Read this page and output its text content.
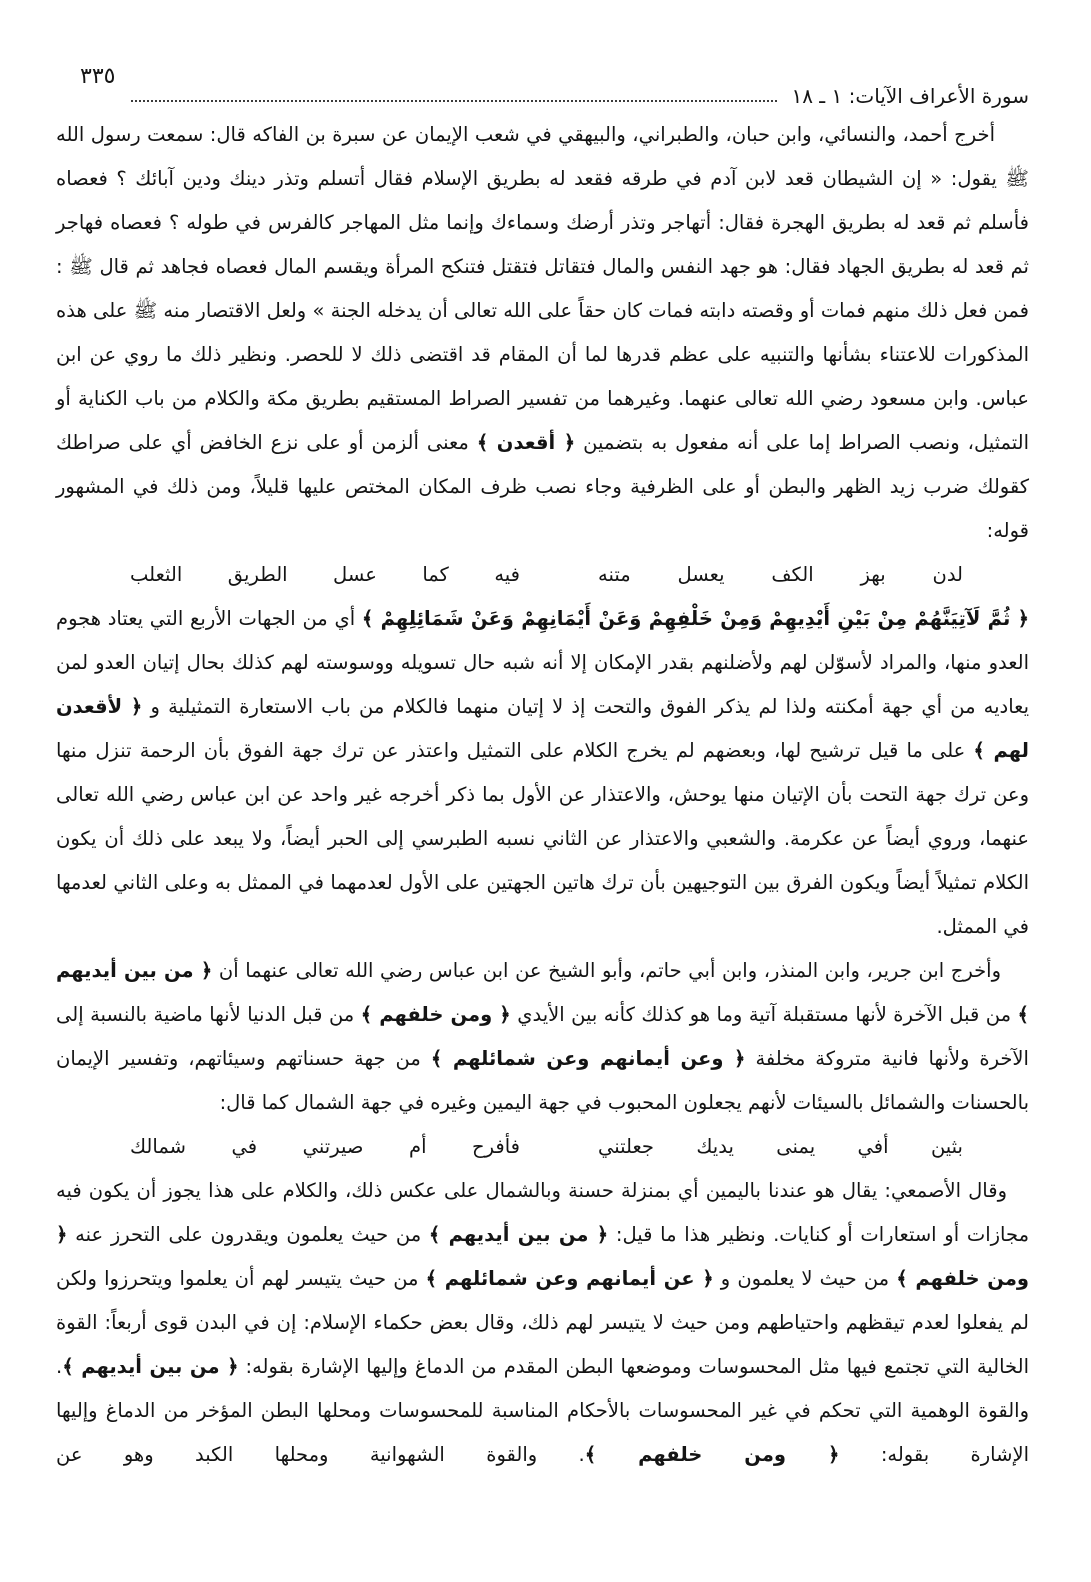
سورة الأعراف الآيات: ١ ـ ١٨
٣٣٥

أخرج أحمد، والنسائي، وابن حبان، والطبراني، والبيهقي في شعب الإيمان عن سبرة بن الفاكه قال: سمعت رسول الله ﷺ يقول: « إن الشيطان قعد لابن آدم في طرقه فقعد له بطريق الإسلام فقال أتسلم وتذر دينك ودين آبائك ؟ فعصاه فأسلم ثم قعد له بطريق الهجرة فقال: أتهاجر وتذر أرضك وسماءك وإنما مثل المهاجر كالفرس في طوله ؟ فعصاه فهاجر ثم قعد له بطريق الجهاد فقال: هو جهد النفس والمال فتقاتل فتقتل فتنكح المرأة ويقسم المال فعصاه فجاهد ثم قال ﷺ : فمن فعل ذلك منهم فمات أو وقصته دابته فمات كان حقاً على الله تعالى أن يدخله الجنة » ولعل الاقتصار منه ﷺ على هذه المذكورات للاعتناء بشأنها والتنبيه على عظم قدرها لما أن المقام قد اقتضى ذلك لا للحصر. ونظير ذلك ما روي عن ابن عباس. وابن مسعود رضي الله تعالى عنهما. وغيرهما من تفسير الصراط المستقيم بطريق مكة والكلام من باب الكناية أو التمثيل، ونصب الصراط إما على أنه مفعول به بتضمين ﴿ أقعدن ﴾ معنى ألزمن أو على نزع الخافض أي على صراطك كقولك ضرب زيد الظهر والبطن أو على الظرفية وجاء نصب ظرف المكان المختص عليها قليلاً، ومن ذلك في المشهور قوله:

لدن بهز الكف يعسل متنه
فيه كما عسل الطريق الثعلب

﴿ ثُمَّ لَآتِيَنَّهُمْ مِنْ بَيْنِ أَيْدِيهِمْ وَمِنْ خَلْفِهِمْ وَعَنْ أَيْمَانِهِمْ وَعَنْ شَمَائِلِهِمْ ﴾ أي من الجهات الأربع التي يعتاد هجوم العدو منها، والمراد لأسوّلن لهم ولأضلنهم بقدر الإمكان إلا أنه شبه حال تسويله ووسوسته لهم كذلك بحال إتيان العدو لمن يعاديه من أي جهة أمكنته ولذا لم يذكر الفوق والتحت إذ لا إتيان منهما فالكلام من باب الاستعارة التمثيلية و ﴿ لأقعدن لهم ﴾ على ما قيل ترشيح لها، وبعضهم لم يخرج الكلام على التمثيل واعتذر عن ترك جهة الفوق بأن الرحمة تنزل منها وعن ترك جهة التحت بأن الإتيان منها يوحش، والاعتذار عن الأول بما ذكر أخرجه غير واحد عن ابن عباس رضي الله تعالى عنهما، وروي أيضاً عن عكرمة. والشعبي والاعتذار عن الثاني نسبه الطبرسي إلى الحبر أيضاً، ولا يبعد على ذلك أن يكون الكلام تمثيلاً أيضاً ويكون الفرق بين التوجيهين بأن ترك هاتين الجهتين على الأول لعدمهما في الممثل به وعلى الثاني لعدمها في الممثل.

وأخرج ابن جرير، وابن المنذر، وابن أبي حاتم، وأبو الشيخ عن ابن عباس رضي الله تعالى عنهما أن ﴿ من بين أيديهم ﴾ من قبل الآخرة لأنها مستقبلة آتية وما هو كذلك كأنه بين الأيدي ﴿ ومن خلفهم ﴾ من قبل الدنيا لأنها ماضية بالنسبة إلى الآخرة ولأنها فانية متروكة مخلفة ﴿ وعن أيمانهم وعن شمائلهم ﴾ من جهة حسناتهم وسيئاتهم، وتفسير الإيمان بالحسنات والشمائل بالسيئات لأنهم يجعلون المحبوب في جهة اليمين وغيره في جهة الشمال كما قال:

بثين أفي يمنى يديك جعلتني
فأفرح أم صيرتني في شمالك

وقال الأصمعي: يقال هو عندنا باليمين أي بمنزلة حسنة وبالشمال على عكس ذلك، والكلام على هذا يجوز أن يكون فيه مجازات أو استعارات أو كنايات. ونظير هذا ما قيل: ﴿ من بين أيديهم ﴾ من حيث يعلمون ويقدرون على التحرز عنه ﴿ ومن خلفهم ﴾ من حيث لا يعلمون و ﴿ عن أيمانهم وعن شمائلهم ﴾ من حيث يتيسر لهم أن يعلموا ويتحرزوا ولكن لم يفعلوا لعدم تيقظهم واحتياطهم ومن حيث لا يتيسر لهم ذلك، وقال بعض حكماء الإسلام: إن في البدن قوى أربعاً: القوة الخالية التي تجتمع فيها مثل المحسوسات وموضعها البطن المقدم من الدماغ وإليها الإشارة بقوله: ﴿ من بين أيديهم ﴾. والقوة الوهمية التي تحكم في غير المحسوسات بالأحكام المناسبة للمحسوسات ومحلها البطن المؤخر من الدماغ وإليها الإشارة بقوله: ﴿ ومن خلفهم ﴾. والقوة الشهوانية ومحلها الكبد وهو عن
